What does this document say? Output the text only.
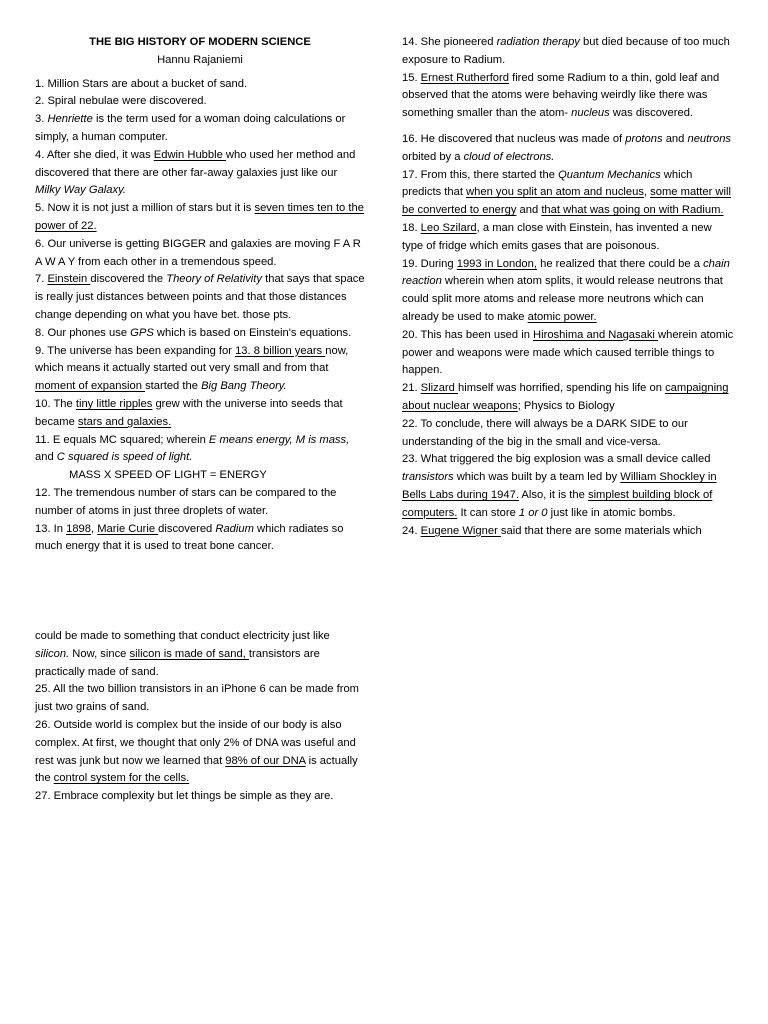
THE BIG HISTORY OF MODERN SCIENCE

Hannu Rajaniemi

1. Million Stars are about a bucket of sand.

2. Spiral nebulae were discovered.

3. Henriette is the term used for a woman doing calculations or simply, a human computer.

4. After she died, it was Edwin Hubble who used her method and discovered that there are other far-away galaxies just like our Milky Way Galaxy.

5. Now it is not just a million of stars but it is seven times ten to the power of 22.

6. Our universe is getting BIGGER and galaxies are moving F A R A W A Y from each other in a tremendous speed.

7. Einstein discovered the Theory of Relativity that says that space is really just distances between points and that those distances change depending on what you have bet. those pts.

8. Our phones use GPS which is based on Einstein's equations.

9. The universe has been expanding for 13. 8 billion years now, which means it actually started out very small and from that moment of expansion started the Big Bang Theory.

10. The tiny little ripples grew with the universe into seeds that became stars and galaxies.

11. E equals MC squared; wherein E means energy, M is mass, and C squared is speed of light.

MASS X SPEED OF LIGHT = ENERGY

12. The tremendous number of stars can be compared to the number of atoms in just three droplets of water.

13. In 1898, Marie Curie discovered Radium which radiates so much energy that it is used to treat bone cancer.

14. She pioneered radiation therapy but died because of too much exposure to Radium.

15. Ernest Rutherford fired some Radium to a thin, gold leaf and observed that the atoms were behaving weirdly like there was something smaller than the atom- nucleus was discovered.

16. He discovered that nucleus was made of protons and neutrons orbited by a cloud of electrons.

17. From this, there started the Quantum Mechanics which predicts that when you split an atom and nucleus, some matter will be converted to energy and that what was going on with Radium.

18. Leo Szilard, a man close with Einstein, has invented a new type of fridge which emits gases that are poisonous.

19. During 1993 in London, he realized that there could be a chain reaction wherein when atom splits, it would release neutrons that could split more atoms and release more neutrons which can already be used to make atomic power.

20. This has been used in Hiroshima and Nagasaki wherein atomic power and weapons were made which caused terrible things to happen.

21. Slizard himself was horrified, spending his life on campaigning about nuclear weapons; Physics to Biology

22. To conclude, there will always be a DARK SIDE to our understanding of the big in the small and vice-versa.

23. What triggered the big explosion was a small device called transistors which was built by a team led by William Shockley in Bells Labs during 1947. Also, it is the simplest building block of computers. It can store 1 or 0 just like in atomic bombs.

24. Eugene Wigner said that there are some materials which

could be made to something that conduct electricity just like silicon. Now, since silicon is made of sand, transistors are practically made of sand.

25. All the two billion transistors in an iPhone 6 can be made from just two grains of sand.

26. Outside world is complex but the inside of our body is also complex. At first, we thought that only 2% of DNA was useful and rest was junk but now we learned that 98% of our DNA is actually the control system for the cells.

27. Embrace complexity but let things be simple as they are.
